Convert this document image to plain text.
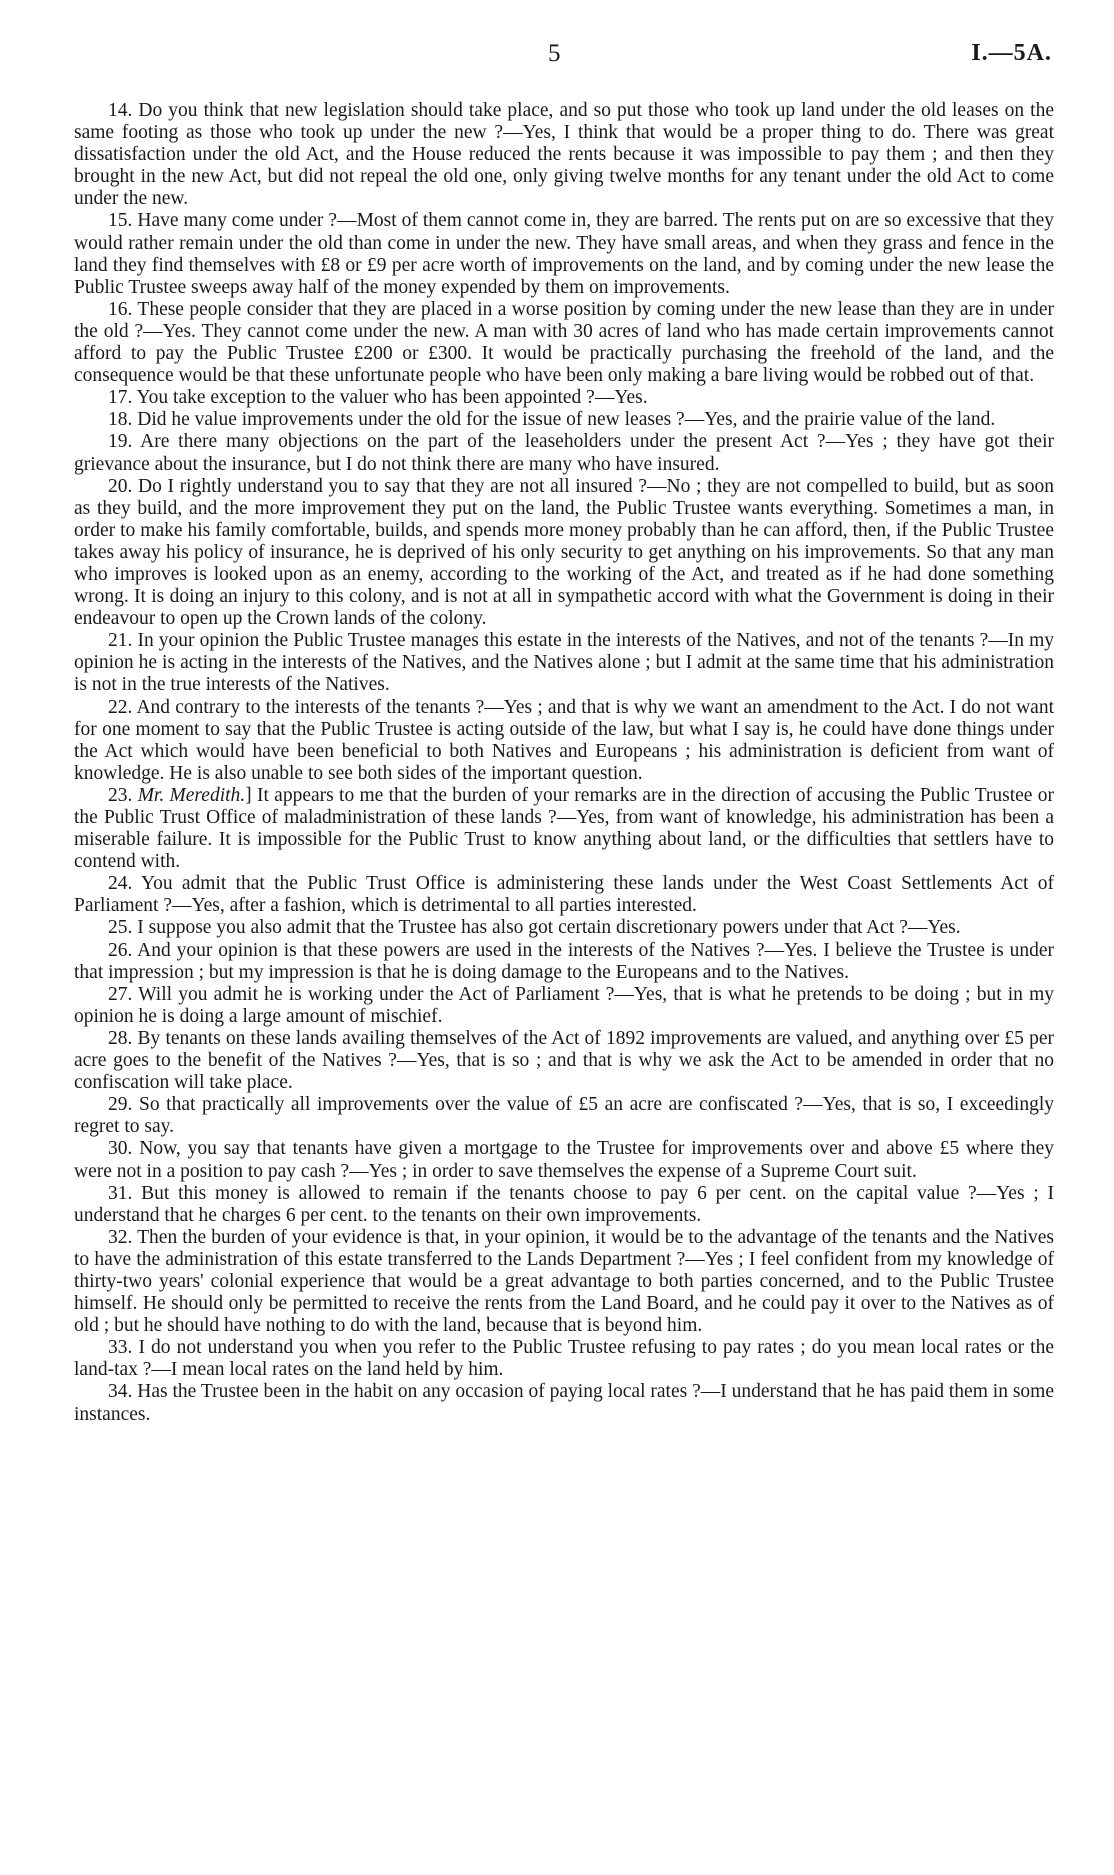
5	I.—5A.

14. Do you think that new legislation should take place, and so put those who took up land under the old leases on the same footing as those who took up under the new ?—Yes, I think that would be a proper thing to do. There was great dissatisfaction under the old Act, and the House reduced the rents because it was impossible to pay them ; and then they brought in the new Act, but did not repeal the old one, only giving twelve months for any tenant under the old Act to come under the new.

15. Have many come under ?—Most of them cannot come in, they are barred. The rents put on are so excessive that they would rather remain under the old than come in under the new. They have small areas, and when they grass and fence in the land they find themselves with £8 or £9 per acre worth of improvements on the land, and by coming under the new lease the Public Trustee sweeps away half of the money expended by them on improvements.

16. These people consider that they are placed in a worse position by coming under the new lease than they are in under the old ?—Yes. They cannot come under the new. A man with 30 acres of land who has made certain improvements cannot afford to pay the Public Trustee £200 or £300. It would be practically purchasing the freehold of the land, and the consequence would be that these unfortunate people who have been only making a bare living would be robbed out of that.

17. You take exception to the valuer who has been appointed ?—Yes.

18. Did he value improvements under the old for the issue of new leases ?—Yes, and the prairie value of the land.

19. Are there many objections on the part of the leaseholders under the present Act ?—Yes ; they have got their grievance about the insurance, but I do not think there are many who have insured.

20. Do I rightly understand you to say that they are not all insured ?—No ; they are not compelled to build, but as soon as they build, and the more improvement they put on the land, the Public Trustee wants everything. Sometimes a man, in order to make his family comfortable, builds, and spends more money probably than he can afford, then, if the Public Trustee takes away his policy of insurance, he is deprived of his only security to get anything on his improvements. So that any man who improves is looked upon as an enemy, according to the working of the Act, and treated as if he had done something wrong. It is doing an injury to this colony, and is not at all in sympathetic accord with what the Government is doing in their endeavour to open up the Crown lands of the colony.

21. In your opinion the Public Trustee manages this estate in the interests of the Natives, and not of the tenants ?—In my opinion he is acting in the interests of the Natives, and the Natives alone ; but I admit at the same time that his administration is not in the true interests of the Natives.

22. And contrary to the interests of the tenants ?—Yes ; and that is why we want an amendment to the Act. I do not want for one moment to say that the Public Trustee is acting outside of the law, but what I say is, he could have done things under the Act which would have been beneficial to both Natives and Europeans ; his administration is deficient from want of knowledge. He is also unable to see both sides of the important question.

23. Mr. Meredith.] It appears to me that the burden of your remarks are in the direction of accusing the Public Trustee or the Public Trust Office of maladministration of these lands ?—Yes, from want of knowledge, his administration has been a miserable failure. It is impossible for the Public Trust to know anything about land, or the difficulties that settlers have to contend with.

24. You admit that the Public Trust Office is administering these lands under the West Coast Settlements Act of Parliament ?—Yes, after a fashion, which is detrimental to all parties interested.

25. I suppose you also admit that the Trustee has also got certain discretionary powers under that Act ?—Yes.

26. And your opinion is that these powers are used in the interests of the Natives ?—Yes. I believe the Trustee is under that impression ; but my impression is that he is doing damage to the Europeans and to the Natives.

27. Will you admit he is working under the Act of Parliament ?—Yes, that is what he pretends to be doing ; but in my opinion he is doing a large amount of mischief.

28. By tenants on these lands availing themselves of the Act of 1892 improvements are valued, and anything over £5 per acre goes to the benefit of the Natives ?—Yes, that is so ; and that is why we ask the Act to be amended in order that no confiscation will take place.

29. So that practically all improvements over the value of £5 an acre are confiscated ?—Yes, that is so, I exceedingly regret to say.

30. Now, you say that tenants have given a mortgage to the Trustee for improvements over and above £5 where they were not in a position to pay cash ?—Yes ; in order to save themselves the expense of a Supreme Court suit.

31. But this money is allowed to remain if the tenants choose to pay 6 per cent. on the capital value ?—Yes ; I understand that he charges 6 per cent. to the tenants on their own improvements.

32. Then the burden of your evidence is that, in your opinion, it would be to the advantage of the tenants and the Natives to have the administration of this estate transferred to the Lands Department ?—Yes ; I feel confident from my knowledge of thirty-two years' colonial experience that would be a great advantage to both parties concerned, and to the Public Trustee himself. He should only be permitted to receive the rents from the Land Board, and he could pay it over to the Natives as of old ; but he should have nothing to do with the land, because that is beyond him.

33. I do not understand you when you refer to the Public Trustee refusing to pay rates ; do you mean local rates or the land-tax ?—I mean local rates on the land held by him.

34. Has the Trustee been in the habit on any occasion of paying local rates ?—I understand that he has paid them in some instances.
